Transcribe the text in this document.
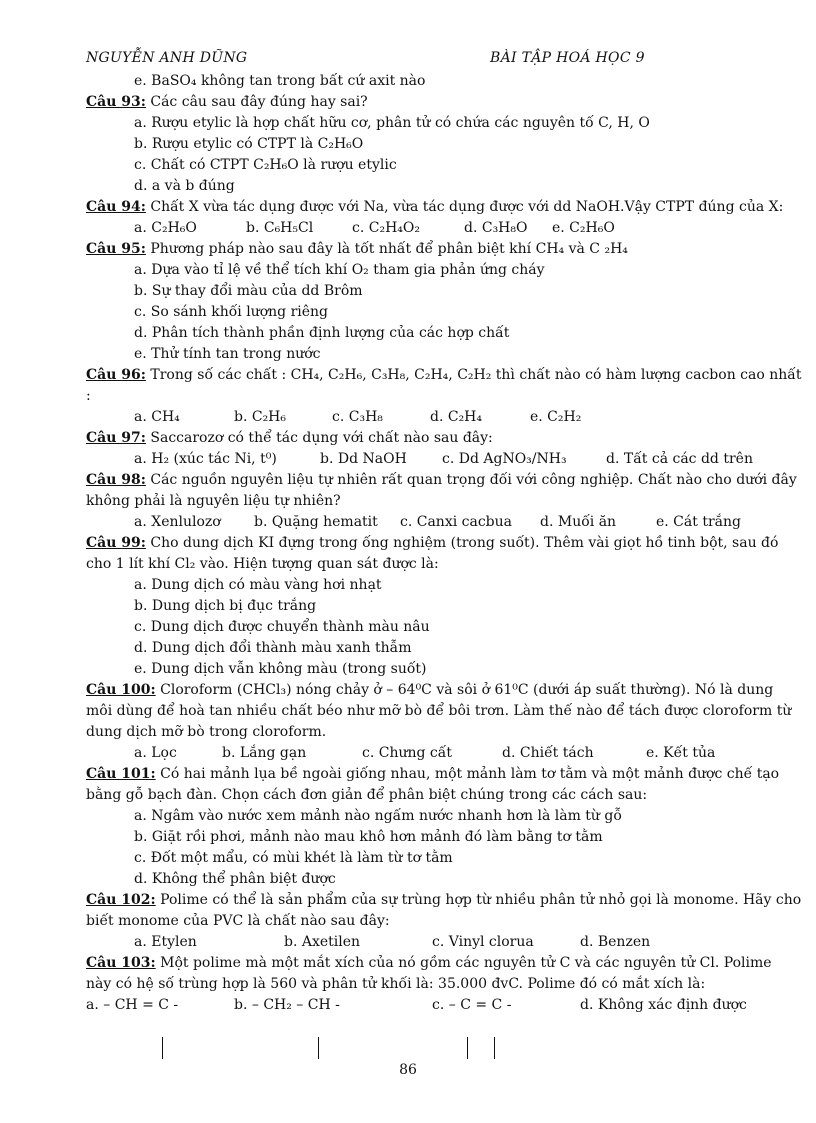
NGUYỄN ANH DŨNG	BÀI TẬP HOÁ HỌC 9
e. BaSO₄ không tan trong bất cứ axit nào
Câu 93: Các câu sau đây đúng hay sai?
a. Rượu etylic là hợp chất hữu cơ, phân tử có chứa các nguyên tố C, H, O
b. Rượu etylic có CTPT là C₂H₆O
c. Chất có CTPT C₂H₆O là rượu etylic
d. a và b đúng
Câu 94: Chất X vừa tác dụng được với Na, vừa tác dụng được với dd NaOH.Vậy CTPT đúng của X:
a. C₂H₆O	b. C₆H₅Cl	c. C₂H₄O₂	d. C₃H₈O e. C₂H₆O
Câu 95: Phương pháp nào sau đây là tốt nhất để phân biệt khí CH₄ và C ₂H₄
a. Dựa vào tỉ lệ về thể tích khí O₂ tham gia phản ứng cháy
b. Sự thay đổi màu của dd Brôm
c. So sánh khối lượng riêng
d. Phân tích thành phần định lượng của các hợp chất
e. Thử tính tan trong nước
Câu 96: Trong số các chất : CH₄, C₂H₆, C₃H₈, C₂H₄, C₂H₂ thì chất nào có hàm lượng cacbon cao nhất
:
a. CH₄	b. C₂H₆	c. C₃H₈	d. C₂H₄	e. C₂H₂
Câu 97: Saccarozơ có thể tác dụng với chất nào sau đây:
a. H₂ (xúc tác Ni, t⁰)	b. Dd NaOH	c. Dd AgNO₃/NH₃	d. Tất cả các dd trên
Câu 98: Các nguồn nguyên liệu tự nhiên rất quan trọng đối với công nghiệp. Chất nào cho dưới đây
không phải là nguyên liệu tự nhiên?
a. Xenlulozơ b. Quặng hematit c. Canxi cacbua d. Muối ăn	e. Cát trắng
Câu 99: Cho dung dịch KI đựng trong ống nghiệm (trong suốt). Thêm vài giọt hồ tinh bột, sau đó
cho 1 lít khí Cl₂ vào. Hiện tượng quan sát được là:
a. Dung dịch có màu vàng hơi nhạt
b. Dung dịch bị đục trắng
c. Dung dịch được chuyển thành màu nâu
d. Dung dịch đổi thành màu xanh thẫm
e. Dung dịch vẫn không màu (trong suốt)
Câu 100: Cloroform (CHCl₃) nóng chảy ở – 64⁰C và sôi ở 61⁰C (dưới áp suất thường). Nó là dung
môi dùng để hoà tan nhiều chất béo như mỡ bò để bôi trơn. Làm thế nào để tách được cloroform từ
dung dịch mỡ bò trong cloroform.
a. Lọc	b. Lắng gạn	c. Chưng cất	d. Chiết tách	e. Kết tủa
Câu 101: Có hai mảnh lụa bề ngoài giống nhau, một mảnh làm tơ tằm và một mảnh được chế tạo
bằng gỗ bạch đàn. Chọn cách đơn giản để phân biệt chúng trong các cách sau:
a. Ngâm vào nước xem mảnh nào ngấm nước nhanh hơn là làm từ gỗ
b. Giặt rồi phơi, mảnh nào mau khô hơn mảnh đó làm bằng tơ tằm
c. Đốt một mẩu, có mùi khét là làm từ tơ tằm
d. Không thể phân biệt được
Câu 102: Polime có thể là sản phẩm của sự trùng hợp từ nhiều phân tử nhỏ gọi là monome. Hãy cho
biết monome của PVC là chất nào sau đây:
a. Etylen	b. Axetilen	c. Vinyl clorua	d. Benzen
Câu 103: Một polime mà một mắt xích của nó gồm các nguyên tử C và các nguyên tử Cl. Polime
này có hệ số trùng hợp là 560 và phân tử khối là: 35.000 đvC. Polime đó có mắt xích là:
a. – CH = C -	b. – CH₂ – CH -	c. – C = C -	d. Không xác định được
86
